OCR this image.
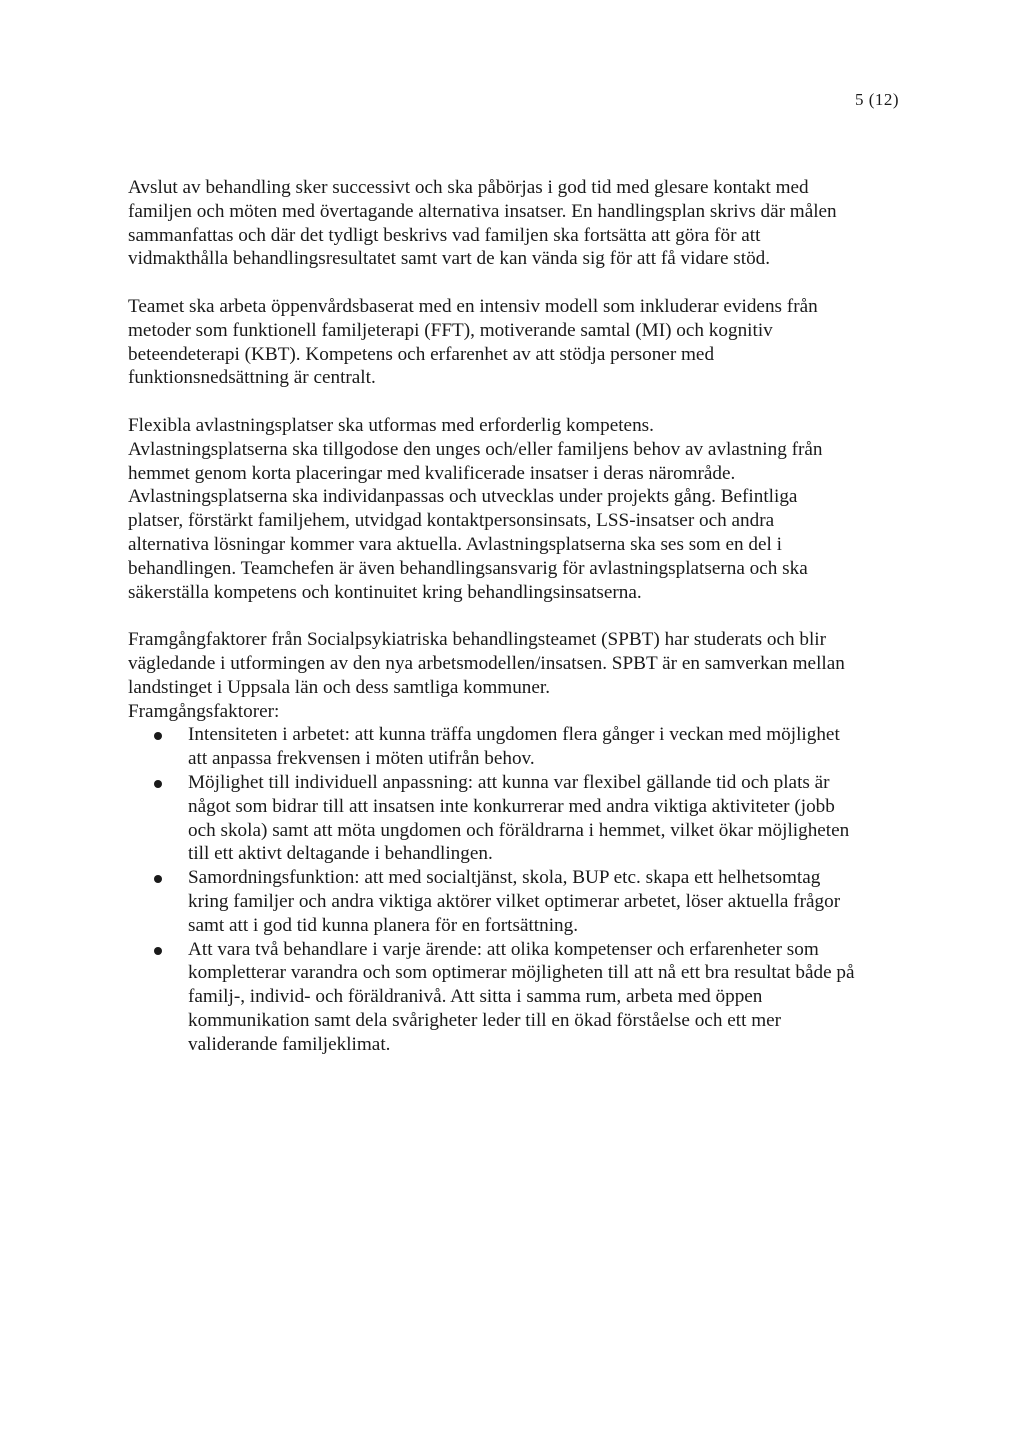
5 (12)

Avslut av behandling sker successivt och ska påbörjas i god tid med glesare kontakt med
familjen och möten med övertagande alternativa insatser. En handlingsplan skrivs där målen
sammanfattas och där det tydligt beskrivs vad familjen ska fortsätta att göra för att
vidmakthålla behandlingsresultatet samt vart de kan vända sig för att få vidare stöd.

Teamet ska arbeta öppenvårdsbaserat med en intensiv modell som inkluderar evidens från
metoder som funktionell familjeterapi (FFT), motiverande samtal (MI) och kognitiv
beteendeterapi (KBT). Kompetens och erfarenhet av att stödja personer med
funktionsnedsättning är centralt.

Flexibla avlastningsplatser ska utformas med erforderlig kompetens.
Avlastningsplatserna ska tillgodose den unges och/eller familjens behov av avlastning från
hemmet genom korta placeringar med kvalificerade insatser i deras närområde.
Avlastningsplatserna ska individanpassas och utvecklas under projekts gång. Befintliga
platser, förstärkt familjehem, utvidgad kontaktpersonsinsats, LSS-insatser och andra
alternativa lösningar kommer vara aktuella. Avlastningsplatserna ska ses som en del i
behandlingen. Teamchefen är även behandlingsansvarig för avlastningsplatserna och ska
säkerställa kompetens och kontinuitet kring behandlingsinsatserna.

Framgångfaktorer från Socialpsykiatriska behandlingsteamet (SPBT) har studerats och blir
vägledande i utformingen av den nya arbetsmodellen/insatsen. SPBT är en samverkan mellan
landstinget i Uppsala län och dess samtliga kommuner.
Framgångsfaktorer:

Intensiteten i arbetet: att kunna träffa ungdomen flera gånger i veckan med möjlighet
att anpassa frekvensen i möten utifrån behov.
Möjlighet till individuell anpassning: att kunna var flexibel gällande tid och plats är
något som bidrar till att insatsen inte konkurrerar med andra viktiga aktiviteter (jobb
och skola) samt att möta ungdomen och föräldrarna i hemmet, vilket ökar möjligheten
till ett aktivt deltagande i behandlingen.
Samordningsfunktion: att med socialtjänst, skola, BUP etc. skapa ett helhetsomtag
kring familjer och andra viktiga aktörer vilket optimerar arbetet, löser aktuella frågor
samt att i god tid kunna planera för en fortsättning.
Att vara två behandlare i varje ärende: att olika kompetenser och erfarenheter som
kompletterar varandra och som optimerar möjligheten till att nå ett bra resultat både på
familj-, individ- och föräldranivå. Att sitta i samma rum, arbeta med öppen
kommunikation samt dela svårigheter leder till en ökad förståelse och ett mer
validerande familjeklimat.
